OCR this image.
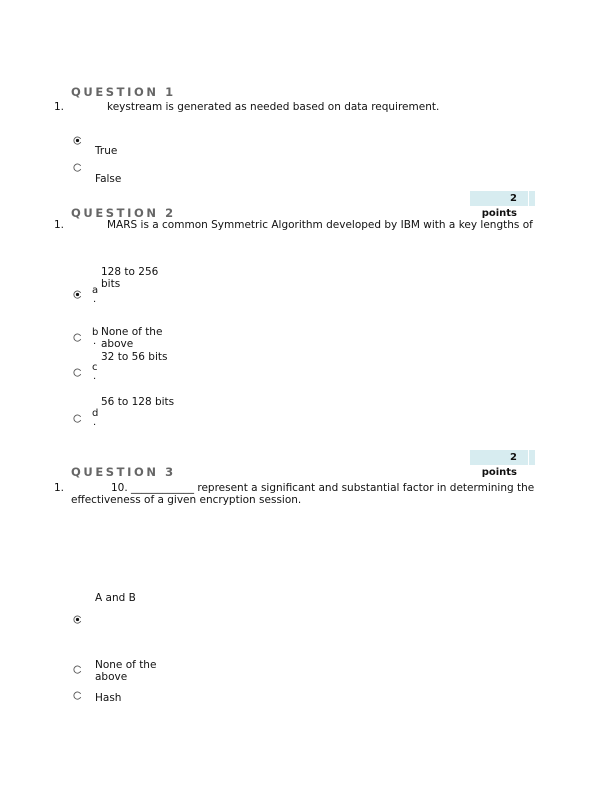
QUESTION 1
1.	keystream is generated as needed based on data requirement.
True
False
2 points
QUESTION 2
1.	MARS is a common Symmetric Algorithm developed by IBM with a key lengths of
128 to 256
bits
a
.
b
.
None of the
above
32 to 56 bits
c
.
56 to 128 bits
d
.
2 points
QUESTION 3
1.	10. ____________ represent a significant and substantial factor in determining the
effectiveness of a given encryption session.
A and B
None of the
above
Hash
